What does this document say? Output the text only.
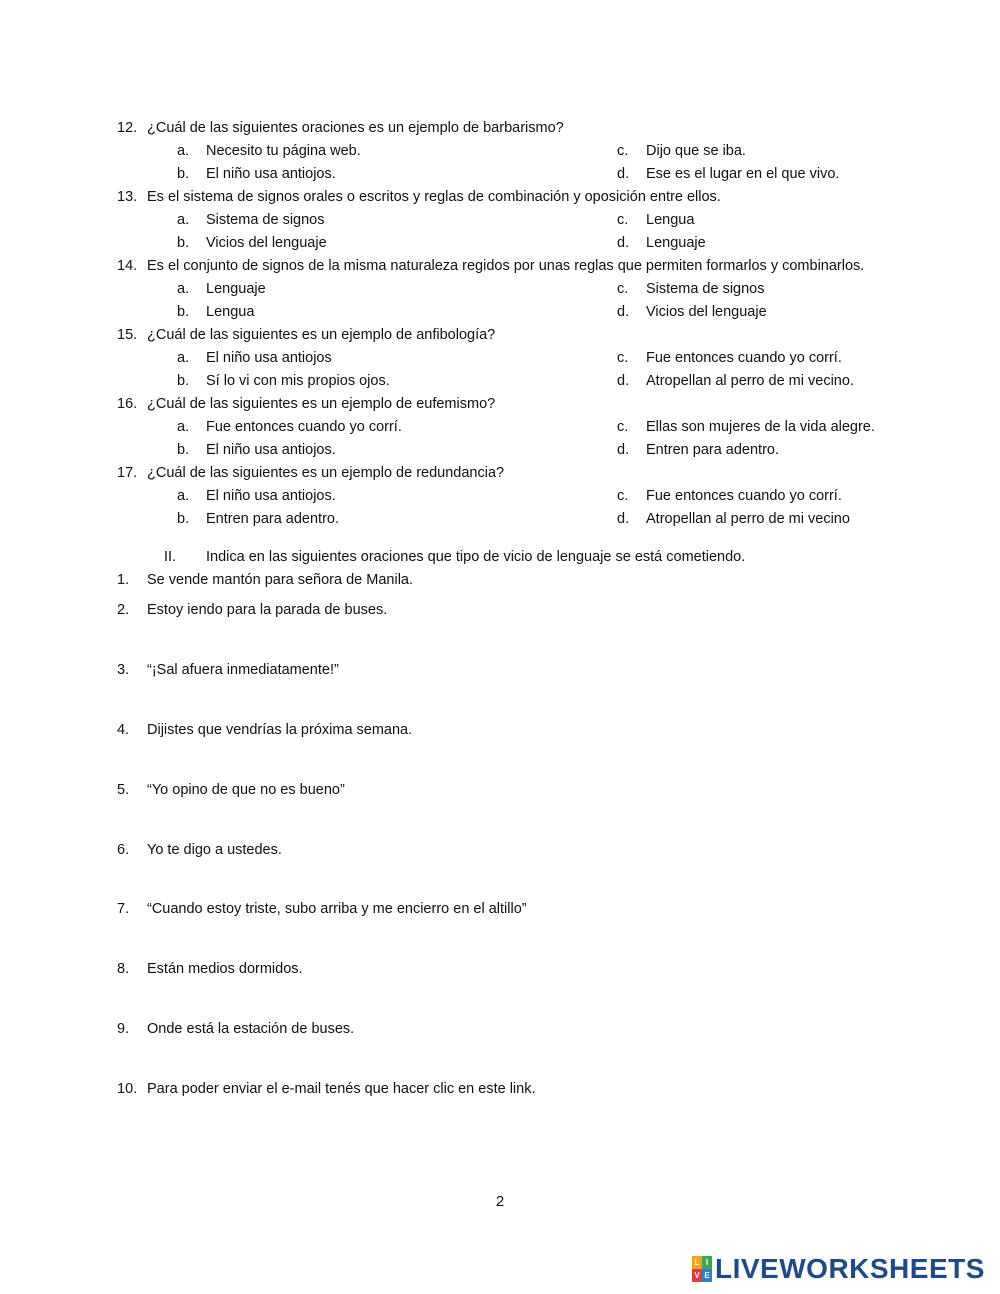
12. ¿Cuál de las siguientes oraciones es un ejemplo de barbarismo?
a.	Necesito tu página web.	c.	Dijo que se iba.
b.	El niño usa antiojos.	d.	Ese es el lugar en el que vivo.
13. Es el sistema de signos orales o escritos y reglas de combinación y oposición entre ellos.
a.	Sistema de signos	c.	Lengua
b.	Vicios del lenguaje	d.	Lenguaje
14. Es el conjunto de signos de la misma naturaleza regidos por unas reglas que permiten formarlos y combinarlos.
a.	Lenguaje	c.	Sistema de signos
b.	Lengua	d.	Vicios del lenguaje
15. ¿Cuál de las siguientes es un ejemplo de anfibología?
a.	El niño usa antiojos	c.	Fue entonces cuando yo corrí.
b.	Sí lo vi con mis propios ojos.	d.	Atropellan al perro de mi vecino.
16. ¿Cuál de las siguientes es un ejemplo de eufemismo?
a.	Fue entonces cuando yo corrí.	c.	Ellas son mujeres de la vida alegre.
b.	El niño usa antiojos.	d.	Entren para adentro.
17. ¿Cuál de las siguientes es un ejemplo de redundancia?
a.	El niño usa antiojos.	c.	Fue entonces cuando yo corrí.
b.	Entren para adentro.	d.	Atropellan al perro de mi vecino
II.	Indica en las siguientes oraciones que tipo de vicio de lenguaje se está cometiendo.
1.	Se vende mantón para señora de Manila.
2.	Estoy iendo para la parada de buses.
3.	“¡Sal afuera inmediatamente!”
4.	Dijistes que vendrías la próxima semana.
5.	“Yo opino de que no es bueno”
6.	Yo te digo a ustedes.
7.	“Cuando estoy triste, subo arriba y me encierro en el altillo”
8.	Están medios dormidos.
9.	Onde está la estación de buses.
10. Para poder enviar el e-mail tenés que hacer clic en este link.
2
L I
V E LIVEWORKSHEETS
